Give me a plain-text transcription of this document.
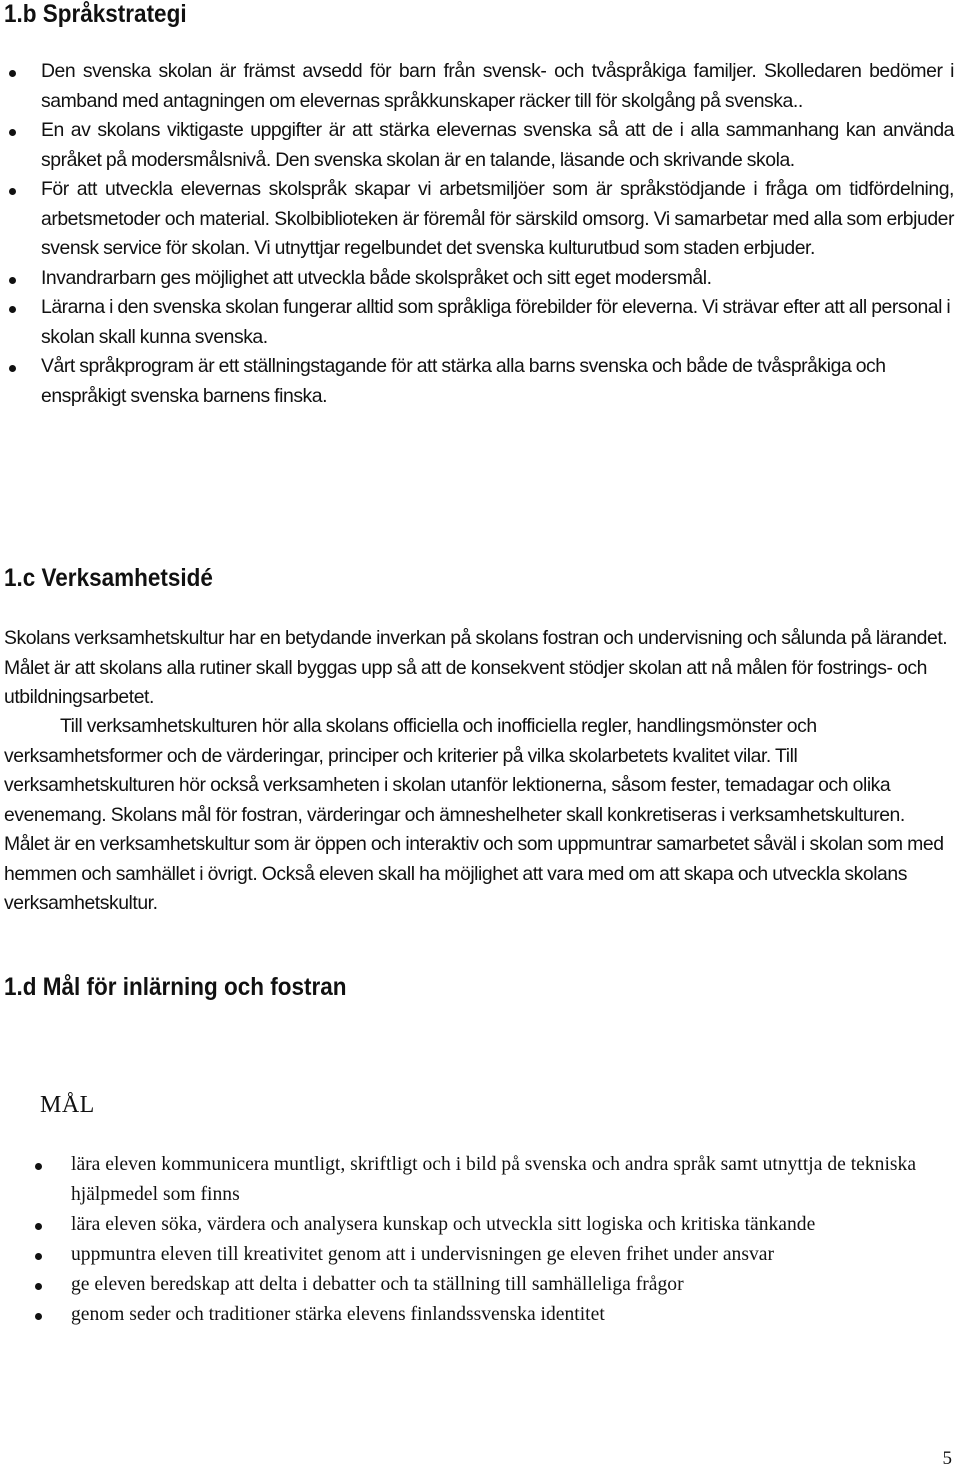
1.b Språkstrategi
Den svenska skolan är främst avsedd för barn från svensk- och tvåspråkiga familjer. Skolledaren bedömer i samband med antagningen om elevernas språkkunskaper räcker till för skolgång på svenska..
En av skolans viktigaste uppgifter är att stärka elevernas svenska så att de i alla sammanhang kan använda språket på modersmålsnivå. Den svenska skolan är en talande, läsande och skrivande skola.
För att utveckla elevernas skolspråk skapar vi arbetsmiljöer som är språkstödjande i fråga om tidfördelning, arbetsmetoder och material. Skolbiblioteken är föremål för särskild omsorg. Vi samarbetar med alla som erbjuder svensk service för skolan. Vi utnyttjar regelbundet det svenska kulturutbud som staden erbjuder.
Invandrarbarn ges möjlighet att utveckla både skolspråket och sitt eget modersmål.
Lärarna i den svenska skolan fungerar alltid som språkliga förebilder för eleverna. Vi strävar efter att all personal i skolan skall kunna svenska.
Vårt språkprogram är ett ställningstagande för att stärka alla barns svenska och både de tvåspråkiga och enspråkigt svenska barnens finska.
1.c Verksamhetsidé

Skolans verksamhetskultur har en betydande inverkan på skolans fostran och undervisning och sålunda på lärandet. Målet är att skolans alla rutiner skall byggas upp så att de konsekvent stödjer skolan att nå målen för fostrings- och utbildningsarbetet.

Till verksamhetskulturen hör alla skolans officiella och inofficiella regler, handlingsmönster och verksamhetsformer och de värderingar, principer och kriterier på vilka skolarbetets kvalitet vilar. Till verksamhetskulturen hör också verksamheten i skolan utanför lektionerna, såsom fester, temadagar och olika evenemang. Skolans mål för fostran, värderingar och ämneshelheter skall konkretiseras i verksamhetskulturen. Målet är en verksamhetskultur som är öppen och interaktiv och som uppmuntrar samarbetet såväl i skolan som med hemmen och samhället i övrigt. Också eleven skall ha möjlighet att vara med om att skapa och utveckla skolans verksamhetskultur.

1.d Mål för inlärning och fostran

MÅL

lära eleven kommunicera muntligt, skriftligt och i bild på svenska och andra språk samt utnyttja de tekniska hjälpmedel som finns
lära eleven söka, värdera och analysera kunskap och utveckla sitt logiska och kritiska tänkande
uppmuntra eleven till kreativitet genom att i undervisningen ge eleven frihet under ansvar
ge eleven beredskap att delta i debatter och ta ställning till samhälleliga frågor
genom seder och traditioner stärka elevens finlandssvenska identitet

5
